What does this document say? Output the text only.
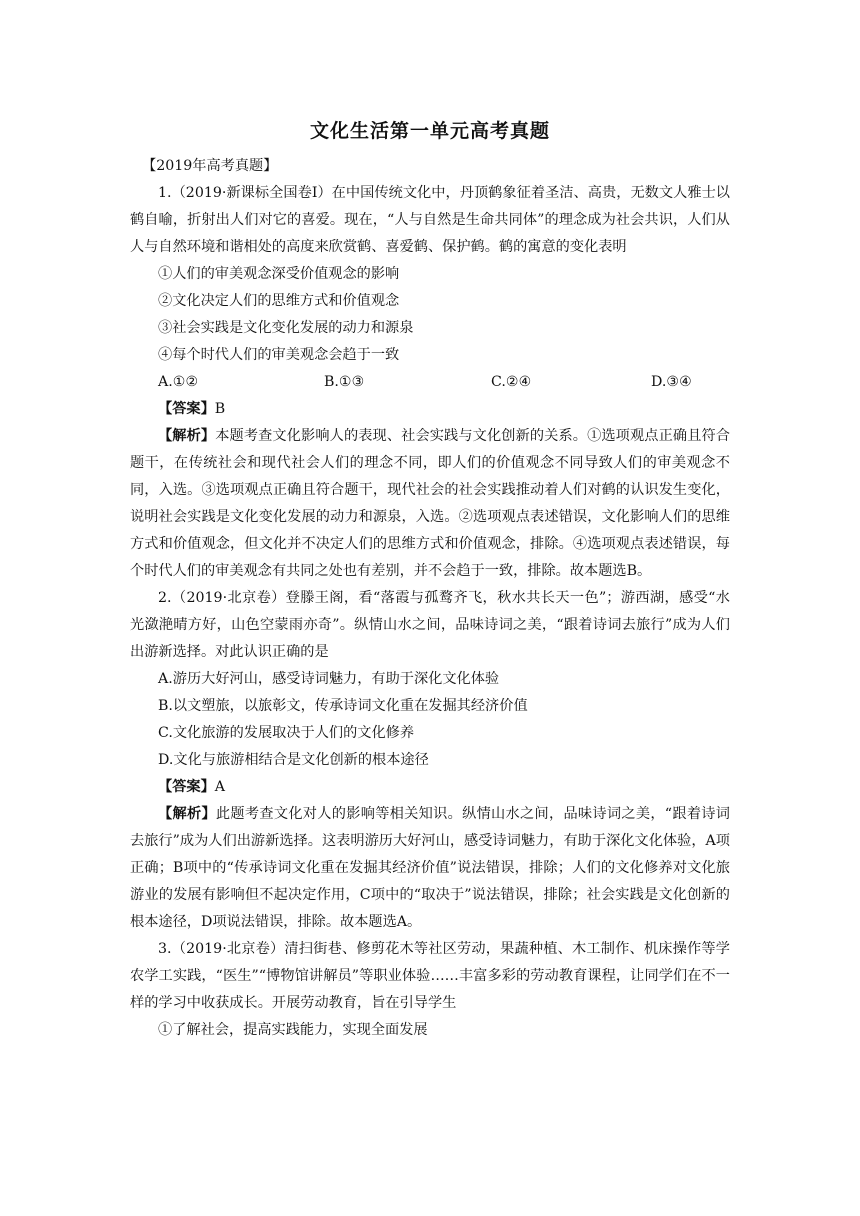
文化生活第一单元高考真题

【2019年高考真题】

1.（2019·新课标全国卷Ⅰ）在中国传统文化中，丹顶鹤象征着圣洁、高贵，无数文人雅士以鹤自喻，折射出人们对它的喜爱。现在，“人与自然是生命共同体”的理念成为社会共识，人们从人与自然环境和谐相处的高度来欣赏鹤、喜爱鹤、保护鹤。鹤的寓意的变化表明

①人们的审美观念深受价值观念的影响

②文化决定人们的思维方式和价值观念

③社会实践是文化变化发展的动力和源泉

④每个时代人们的审美观念会趋于一致

A.①②	B.①③	C.②④	D.③④

【答案】B

【解析】本题考查文化影响人的表现、社会实践与文化创新的关系。①选项观点正确且符合题干，在传统社会和现代社会人们的理念不同，即人们的价值观念不同导致人们的审美观念不同，入选。③选项观点正确且符合题干，现代社会的社会实践推动着人们对鹤的认识发生变化，说明社会实践是文化变化发展的动力和源泉，入选。②选项观点表述错误，文化影响人们的思维方式和价值观念，但文化并不决定人们的思维方式和价值观念，排除。④选项观点表述错误，每个时代人们的审美观念有共同之处也有差别，并不会趋于一致，排除。故本题选B。

2.（2019·北京卷）登滕王阁，看“落霞与孤鹜齐飞，秋水共长天一色”；游西湖，感受“水光潋滟晴方好，山色空蒙雨亦奇”。纵情山水之间，品味诗词之美，“跟着诗词去旅行”成为人们出游新选择。对此认识正确的是

A.游历大好河山，感受诗词魅力，有助于深化文化体验

B.以文塑旅，以旅彰文，传承诗词文化重在发掘其经济价值

C.文化旅游的发展取决于人们的文化修养

D.文化与旅游相结合是文化创新的根本途径

【答案】A

【解析】此题考查文化对人的影响等相关知识。纵情山水之间，品味诗词之美，“跟着诗词去旅行”成为人们出游新选择。这表明游历大好河山，感受诗词魅力，有助于深化文化体验，A项正确；B项中的“传承诗词文化重在发掘其经济价值”说法错误，排除；人们的文化修养对文化旅游业的发展有影响但不起决定作用，C项中的“取决于”说法错误，排除；社会实践是文化创新的根本途径，D项说法错误，排除。故本题选A。

3.（2019·北京卷）清扫街巷、修剪花木等社区劳动，果蔬种植、木工制作、机床操作等学农学工实践，“医生”“博物馆讲解员”等职业体验……丰富多彩的劳动教育课程，让同学们在不一样的学习中收获成长。开展劳动教育，旨在引导学生

①了解社会，提高实践能力，实现全面发展
